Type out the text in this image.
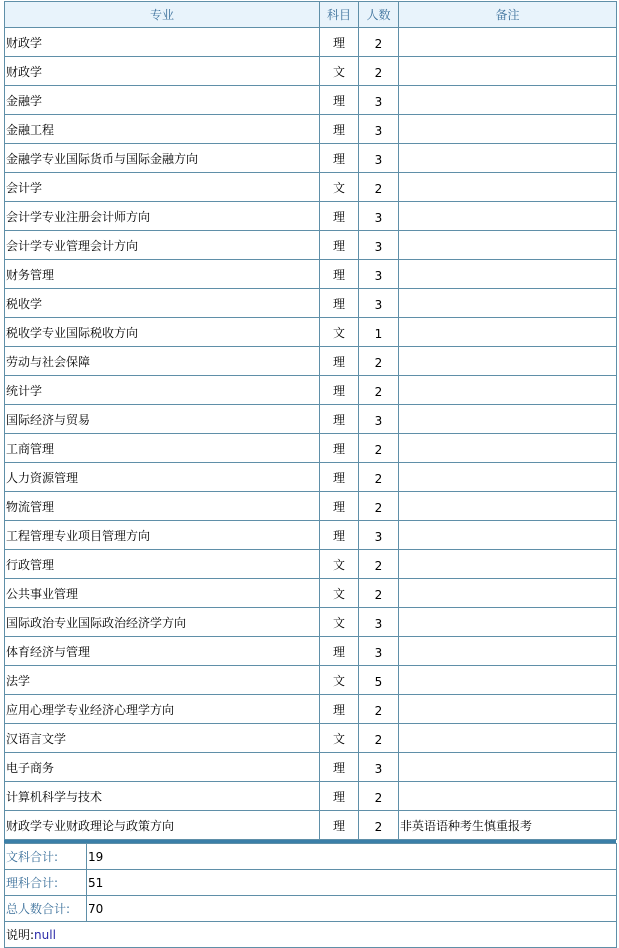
专业	科目	人数	备注
财政学	理	2	
财政学	文	2	
金融学	理	3	
金融工程	理	3	
金融学专业国际货币与国际金融方向	理	3	
会计学	文	2	
会计学专业注册会计师方向	理	3	
会计学专业管理会计方向	理	3	
财务管理	理	3	
税收学	理	3	
税收学专业国际税收方向	文	1	
劳动与社会保障	理	2	
统计学	理	2	
国际经济与贸易	理	3	
工商管理	理	2	
人力资源管理	理	2	
物流管理	理	2	
工程管理专业项目管理方向	理	3	
行政管理	文	2	
公共事业管理	文	2	
国际政治专业国际政治经济学方向	文	3	
体育经济与管理	理	3	
法学	文	5	
应用心理学专业经济心理学方向	理	2	
汉语言文学	文	2	
电子商务	理	3	
计算机科学与技术	理	2	
财政学专业财政理论与政策方向	理	2	非英语语种考生慎重报考
文科合计:	19
理科合计:	51
总人数合计:	70
说明:null	
